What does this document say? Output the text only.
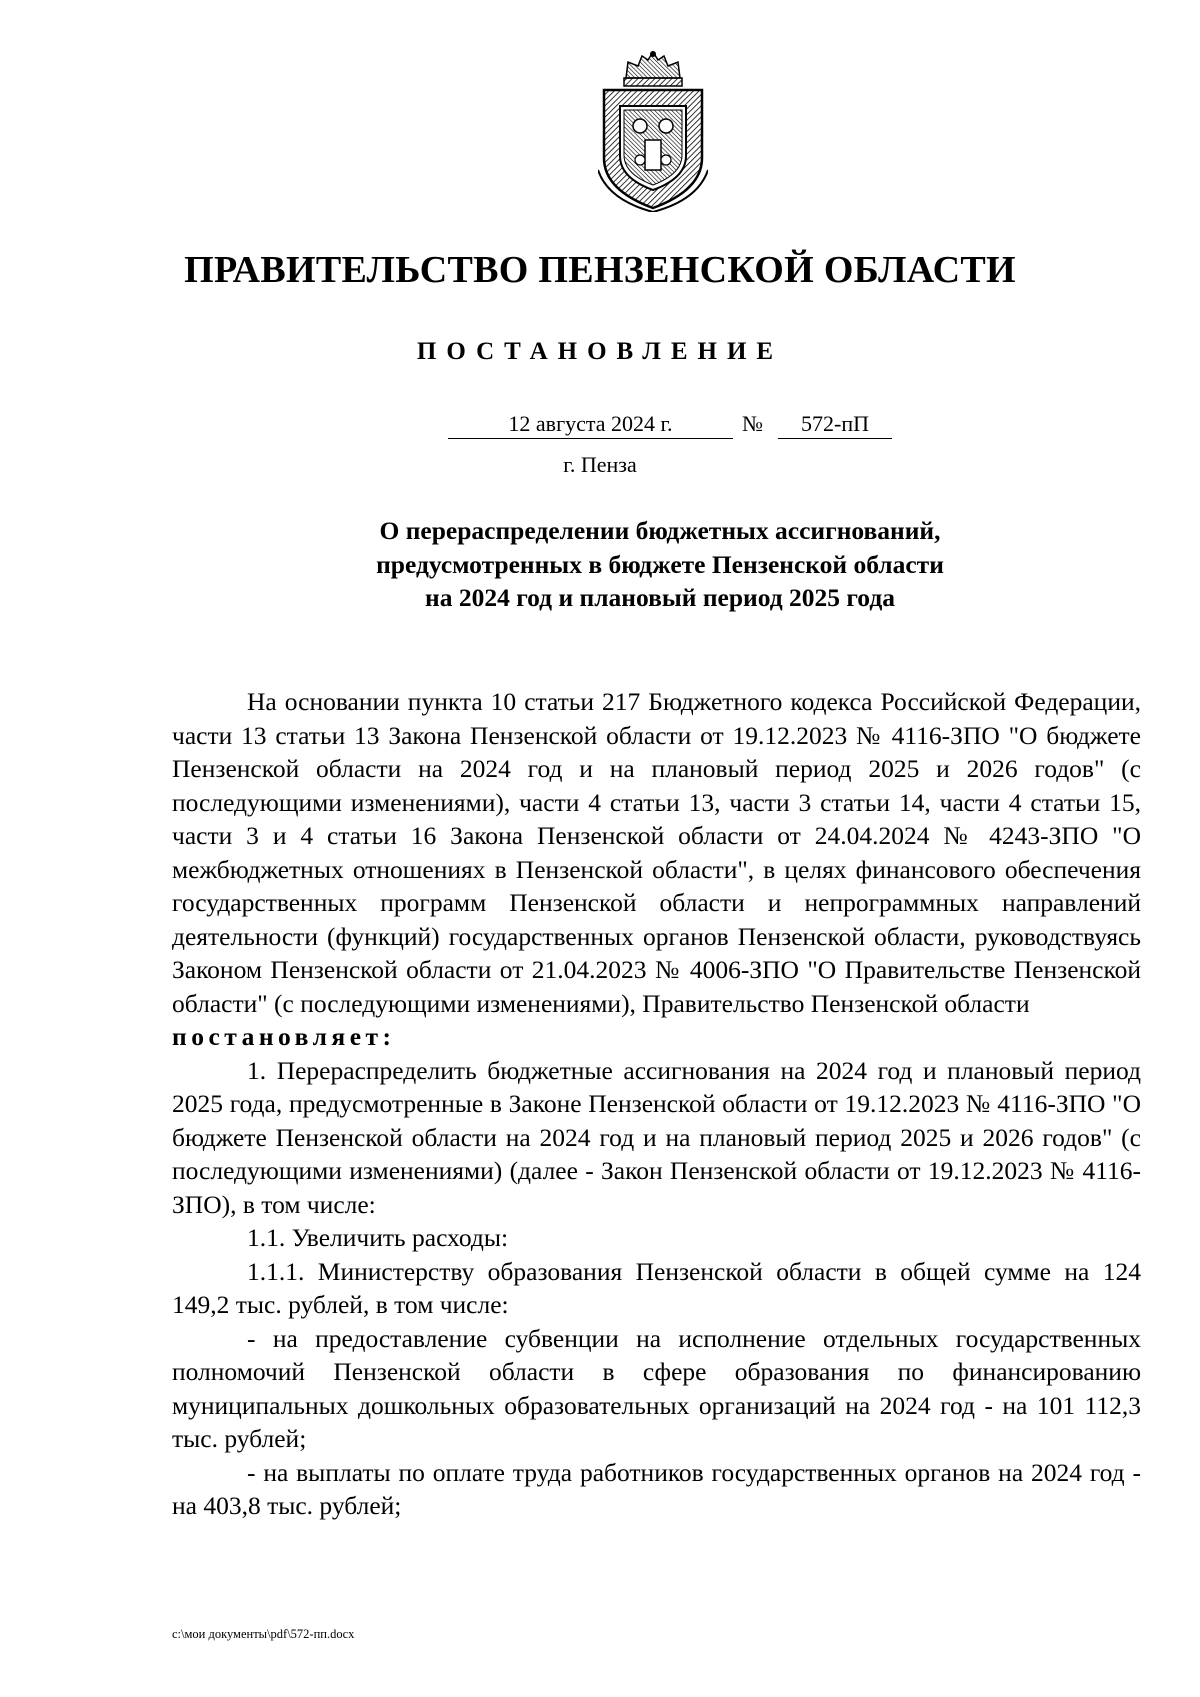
ПРАВИТЕЛЬСТВО ПЕНЗЕНСКОЙ ОБЛАСТИ
ПОСТАНОВЛЕНИЕ
12 августа 2024 г.	№	572-пП
г. Пенза
О перераспределении бюджетных ассигнований,
предусмотренных в бюджете Пензенской области
на 2024 год и плановый период 2025 года

На основании пункта 10 статьи 217 Бюджетного кодекса Российской Федерации, части 13 статьи 13 Закона Пензенской области от 19.12.2023 № 4116-ЗПО "О бюджете Пензенской области на 2024 год и на плановый период 2025 и 2026 годов" (с последующими изменениями), части 4 статьи 13, части 3 статьи 14, части 4 статьи 15, части 3 и 4 статьи 16 Закона Пензенской области от 24.04.2024 № 4243-ЗПО "О межбюджетных отношениях в Пензенской области", в целях финансового обеспечения государственных программ Пензенской области и непрограммных направлений деятельности (функций) государственных органов Пензенской области, руководствуясь Законом Пензенской области от 21.04.2023 № 4006-ЗПО "О Правительстве Пензенской области" (с последующими изменениями), Правительство Пензенской области

постановляет:

1. Перераспределить бюджетные ассигнования на 2024 год и плановый период 2025 года, предусмотренные в Законе Пензенской области от 19.12.2023 № 4116-ЗПО "О бюджете Пензенской области на 2024 год и на плановый период 2025 и 2026 годов" (с последующими изменениями) (далее - Закон Пензенской области от 19.12.2023 № 4116-ЗПО), в том числе:

1.1. Увеличить расходы:

1.1.1. Министерству образования Пензенской области в общей сумме на 124 149,2 тыс. рублей, в том числе:

- на предоставление субвенции на исполнение отдельных государственных полномочий Пензенской области в сфере образования по финансированию муниципальных дошкольных образовательных организаций на 2024 год - на 101 112,3 тыс. рублей;

- на выплаты по оплате труда работников государственных органов на 2024 год - на 403,8 тыс. рублей;

c:\мои документы\pdf\572-пп.docx
